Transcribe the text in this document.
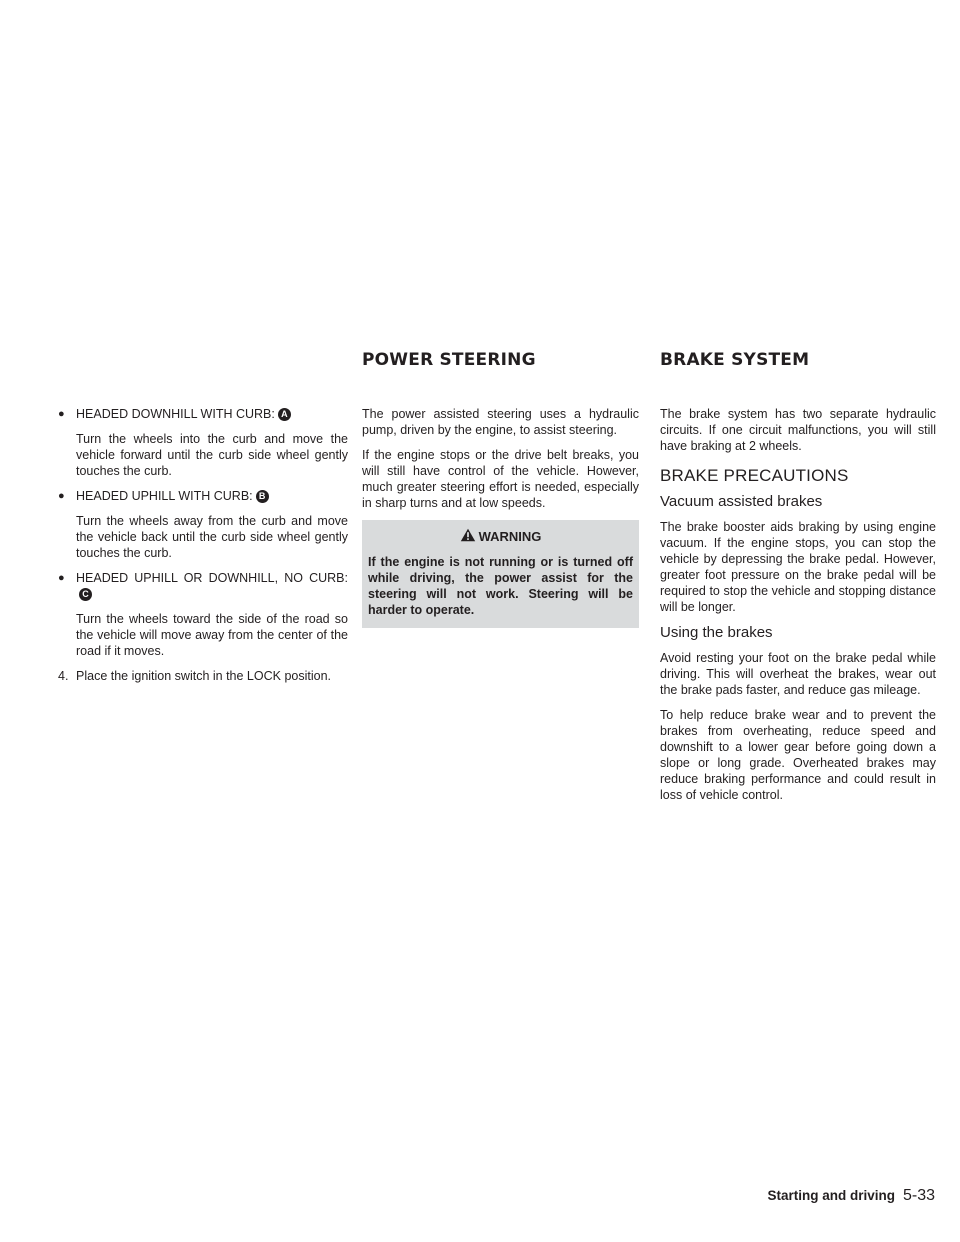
POWER STEERING	BRAKE SYSTEM
● HEADED DOWNHILL WITH CURB: A

Turn the wheels into the curb and move the vehicle forward until the curb side wheel gently touches the curb.

● HEADED UPHILL WITH CURB: B

Turn the wheels away from the curb and move the vehicle back until the curb side wheel gently touches the curb.

● HEADED UPHILL OR DOWNHILL, NO CURB:C

Turn the wheels toward the side of the road so the vehicle will move away from the center of the road if it moves.

4. Place the ignition switch in the LOCK position.

The power assisted steering uses a hydraulic pump, driven by the engine, to assist steering.

If the engine stops or the drive belt breaks, you will still have control of the vehicle. However, much greater steering effort is needed, especially in sharp turns and at low speeds.

WARNING
If the engine is not running or is turned off while driving, the power assist for the steering will not work. Steering will be harder to operate.

The brake system has two separate hydraulic circuits. If one circuit malfunctions, you will still have braking at 2 wheels.

BRAKE PRECAUTIONS
Vacuum assisted brakes

The brake booster aids braking by using engine vacuum. If the engine stops, you can stop the vehicle by depressing the brake pedal. However, greater foot pressure on the brake pedal will be required to stop the vehicle and stopping distance will be longer.

Using the brakes

Avoid resting your foot on the brake pedal while driving. This will overheat the brakes, wear out the brake pads faster, and reduce gas mileage.

To help reduce brake wear and to prevent the brakes from overheating, reduce speed and downshift to a lower gear before going down a slope or long grade. Overheated brakes may reduce braking performance and could result in loss of vehicle control.

Starting and driving 5-33
